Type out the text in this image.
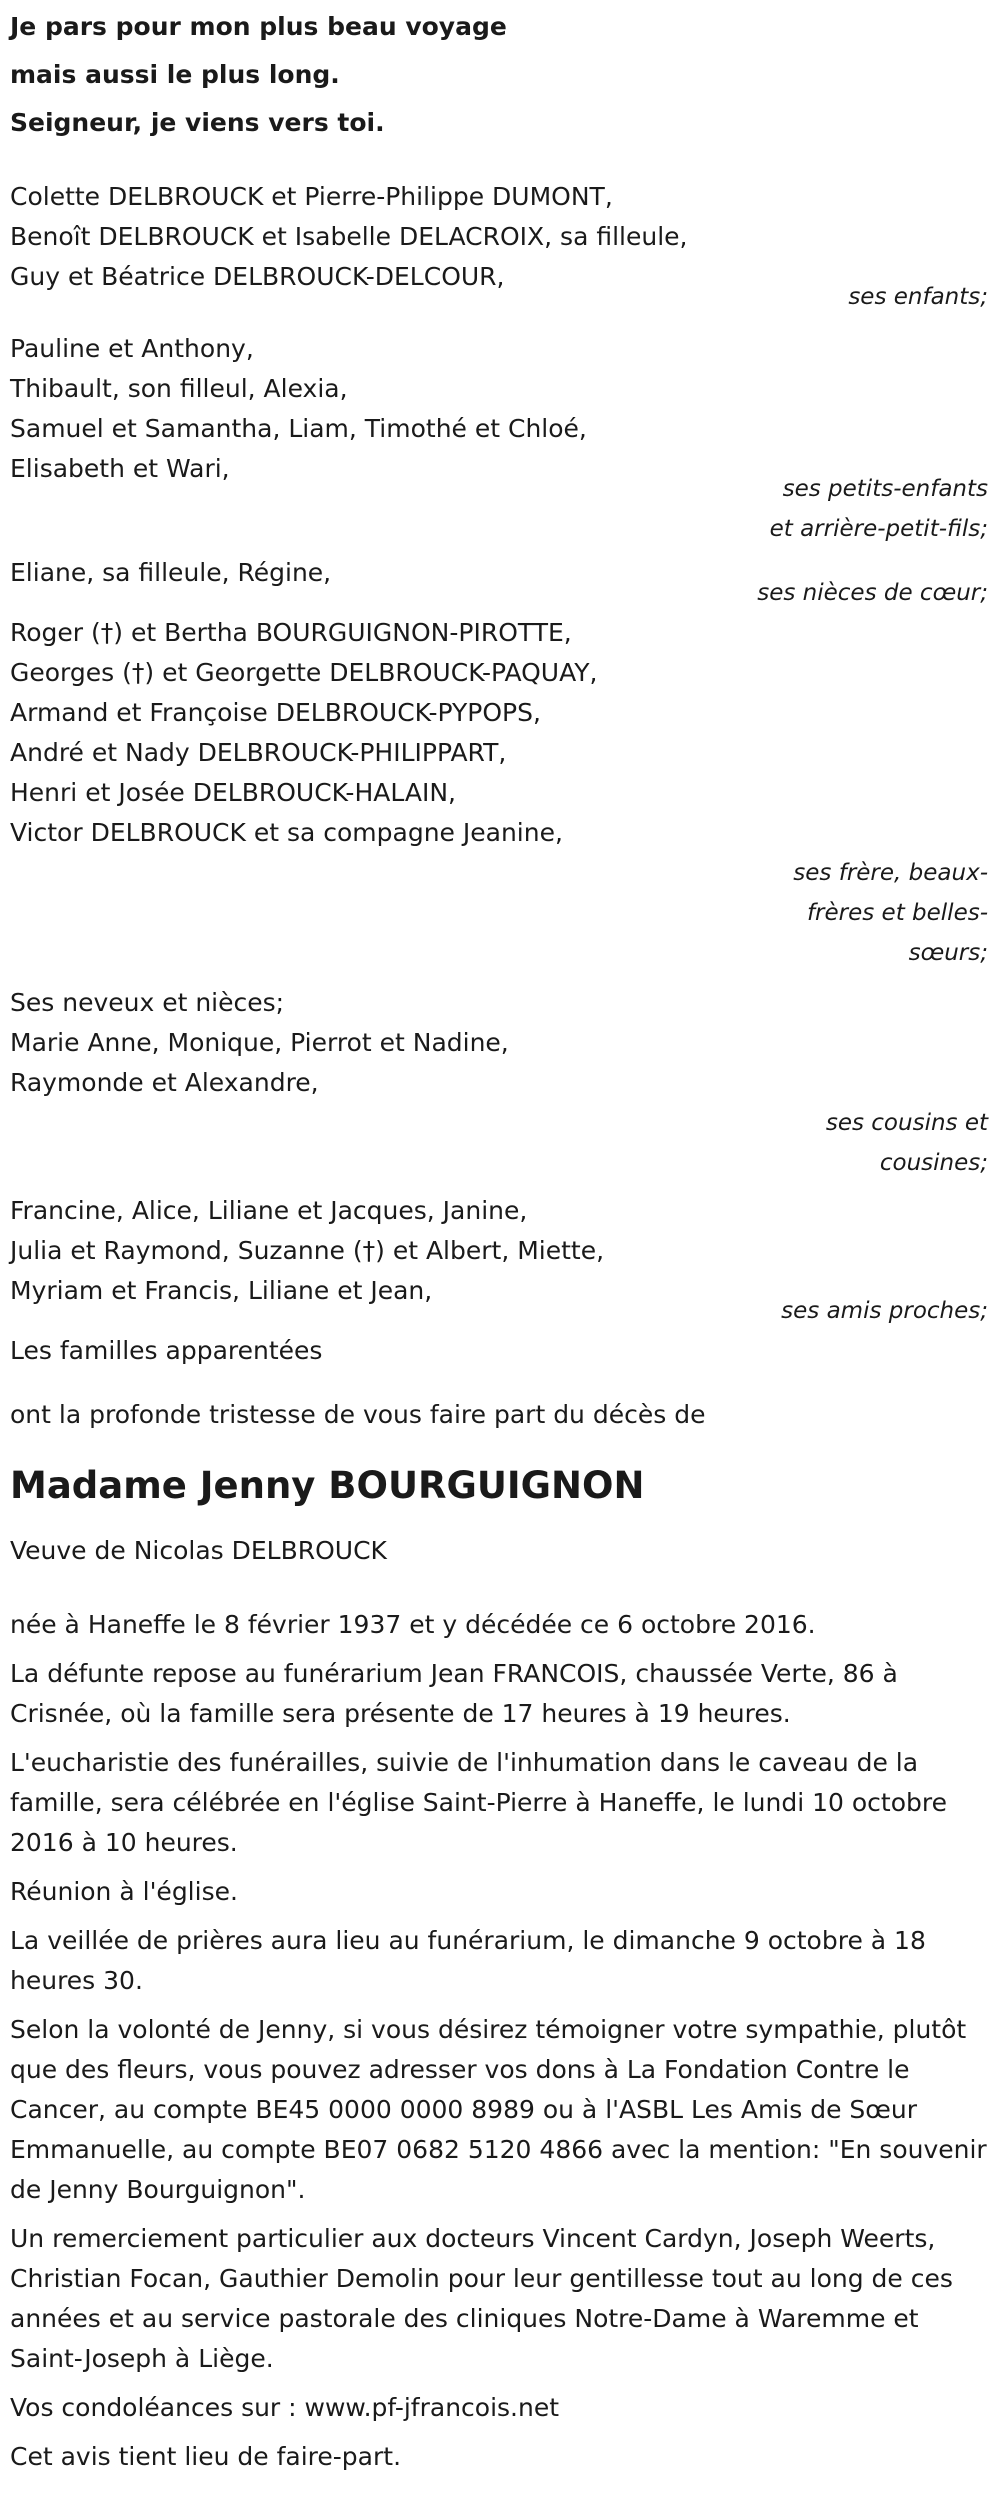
Je pars pour mon plus beau voyage
mais aussi le plus long.
Seigneur, je viens vers toi.
Colette DELBROUCK et Pierre-Philippe DUMONT,
Benoît DELBROUCK et Isabelle DELACROIX, sa filleule,
Guy et Béatrice DELBROUCK-DELCOUR,
ses enfants;
Pauline et Anthony,
Thibault, son filleul, Alexia,
Samuel et Samantha, Liam, Timothé et Chloé,
Elisabeth et Wari,
ses petits-enfants
et arrière-petit-fils;
Eliane, sa filleule, Régine,
ses nièces de cœur;
Roger (†) et Bertha BOURGUIGNON-PIROTTE,
Georges (†) et Georgette DELBROUCK-PAQUAY,
Armand et Françoise DELBROUCK-PYPOPS,
André et Nady DELBROUCK-PHILIPPART,
Henri et Josée DELBROUCK-HALAIN,
Victor DELBROUCK et sa compagne Jeanine,
ses frère, beaux-
frères et belles-
sœurs;
Ses neveux et nièces;
Marie Anne, Monique, Pierrot et Nadine,
Raymonde et Alexandre,
ses cousins et
cousines;
Francine, Alice, Liliane et Jacques, Janine,
Julia et Raymond, Suzanne (†) et Albert, Miette,
Myriam et Francis, Liliane et Jean,
ses amis proches;
Les familles apparentées
ont la profonde tristesse de vous faire part du décès de
Madame Jenny BOURGUIGNON
Veuve de Nicolas DELBROUCK

née à Haneffe le 8 février 1937 et y décédée ce 6 octobre 2016.

La défunte repose au funérarium Jean FRANCOIS, chaussée Verte, 86 à Crisnée, où la famille sera présente de 17 heures à 19 heures.

L'eucharistie des funérailles, suivie de l'inhumation dans le caveau de la famille, sera célébrée en l'église Saint-Pierre à Haneffe, le lundi 10 octobre 2016 à 10 heures.

Réunion à l'église.

La veillée de prières aura lieu au funérarium, le dimanche 9 octobre à 18 heures 30.

Selon la volonté de Jenny, si vous désirez témoigner votre sympathie, plutôt que des fleurs, vous pouvez adresser vos dons à La Fondation Contre le Cancer, au compte BE45 0000 0000 8989 ou à l'ASBL Les Amis de Sœur Emmanuelle, au compte BE07 0682 5120 4866 avec la mention: "En souvenir de Jenny Bourguignon".

Un remerciement particulier aux docteurs Vincent Cardyn, Joseph Weerts, Christian Focan, Gauthier Demolin pour leur gentillesse tout au long de ces années et au service pastorale des cliniques Notre-Dame à Waremme et Saint-Joseph à Liège.

Vos condoléances sur : www.pf-jfrancois.net

Cet avis tient lieu de faire-part.
